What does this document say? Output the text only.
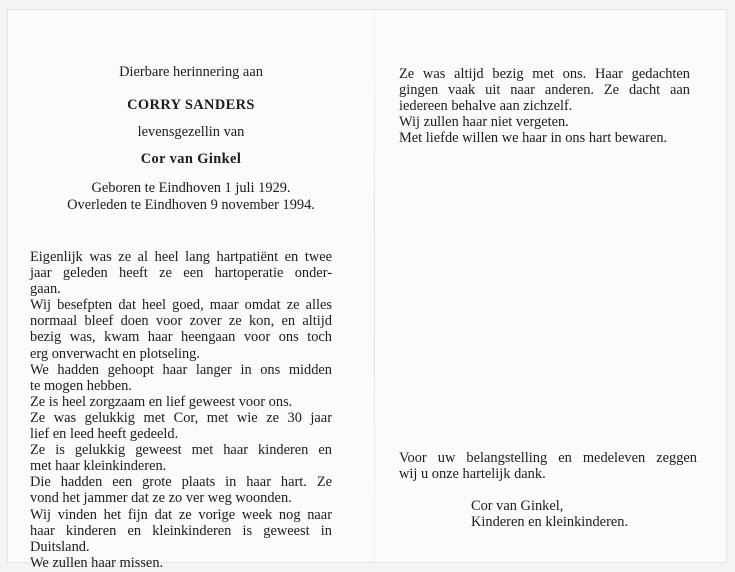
Dierbare herinnering aan
CORRY SANDERS
levensgezellin van
Cor van Ginkel
Geboren te Eindhoven 1 juli 1929.
Overleden te Eindhoven 9 november 1994.
Eigenlijk was ze al heel lang hartpatiënt en twee
jaar geleden heeft ze een hartoperatie onder-
gaan.
Wij besefpten dat heel goed, maar omdat ze alles
normaal bleef doen voor zover ze kon, en altijd
bezig was, kwam haar heengaan voor ons toch
erg onverwacht en plotseling.
We hadden gehoopt haar langer in ons midden
te mogen hebben.
Ze is heel zorgzaam en lief geweest voor ons.
Ze was gelukkig met Cor, met wie ze 30 jaar
lief en leed heeft gedeeld.
Ze is gelukkig geweest met haar kinderen en
met haar kleinkinderen.
Die hadden een grote plaats in haar hart. Ze
vond het jammer dat ze zo ver weg woonden.
Wij vinden het fijn dat ze vorige week nog naar
haar kinderen en kleinkinderen is geweest in
Duitsland.
We zullen haar missen.
Ze was altijd bezig met ons. Haar gedachten
gingen vaak uit naar anderen. Ze dacht aan
iedereen behalve aan zichzelf.
Wij zullen haar niet vergeten.
Met liefde willen we haar in ons hart bewaren.
Voor uw belangstelling en medeleven zeggen
wij u onze hartelijk dank.
Cor van Ginkel,
Kinderen en kleinkinderen.
